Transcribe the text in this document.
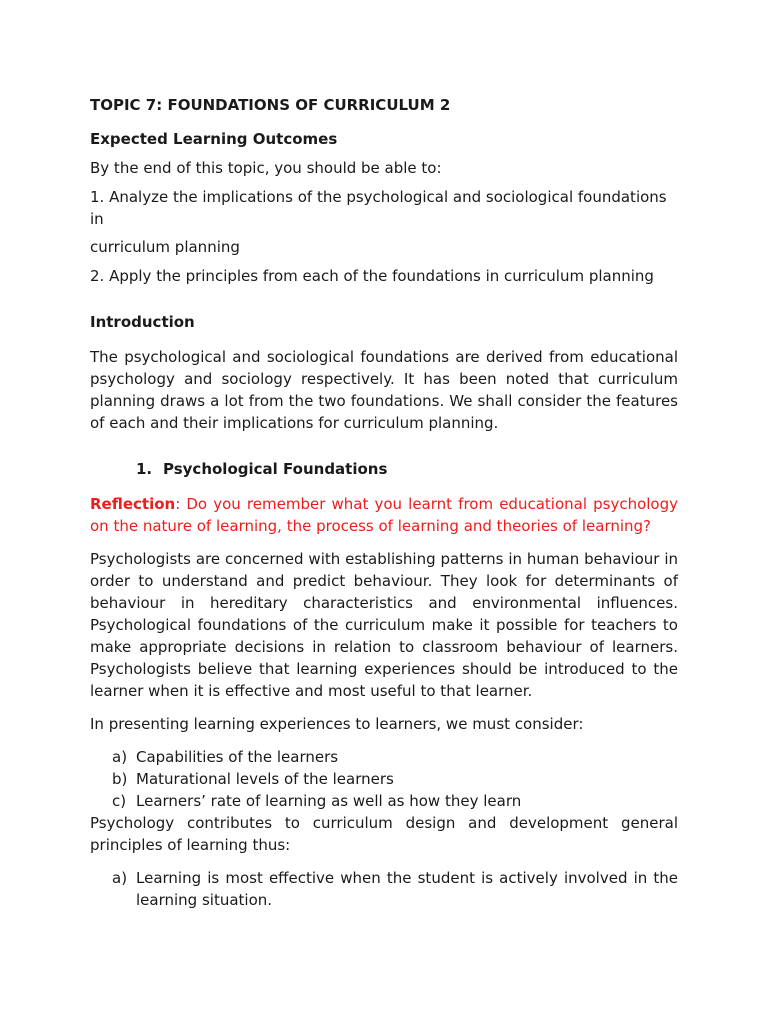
TOPIC 7: FOUNDATIONS OF CURRICULUM 2

Expected Learning Outcomes

By the end of this topic, you should be able to:

1. Analyze the implications of the psychological and sociological foundations in

curriculum planning

2. Apply the principles from each of the foundations in curriculum planning

Introduction

The psychological and sociological foundations are derived from educational psychology and sociology respectively. It has been noted that curriculum planning draws a lot from the two foundations. We shall consider the features of each and their implications for curriculum planning.

1. Psychological Foundations

Reflection: Do you remember what you learnt from educational psychology on the nature of learning, the process of learning and theories of learning?

Psychologists are concerned with establishing patterns in human behaviour in order to understand and predict behaviour. They look for determinants of behaviour in hereditary characteristics and environmental influences. Psychological foundations of the curriculum make it possible for teachers to make appropriate decisions in relation to classroom behaviour of learners. Psychologists believe that learning experiences should be introduced to the learner when it is effective and most useful to that learner.

In presenting learning experiences to learners, we must consider:

a) Capabilities of the learners
b) Maturational levels of the learners
c) Learners’ rate of learning as well as how they learn

Psychology contributes to curriculum design and development general principles of learning thus:

a) Learning is most effective when the student is actively involved in the learning situation.
